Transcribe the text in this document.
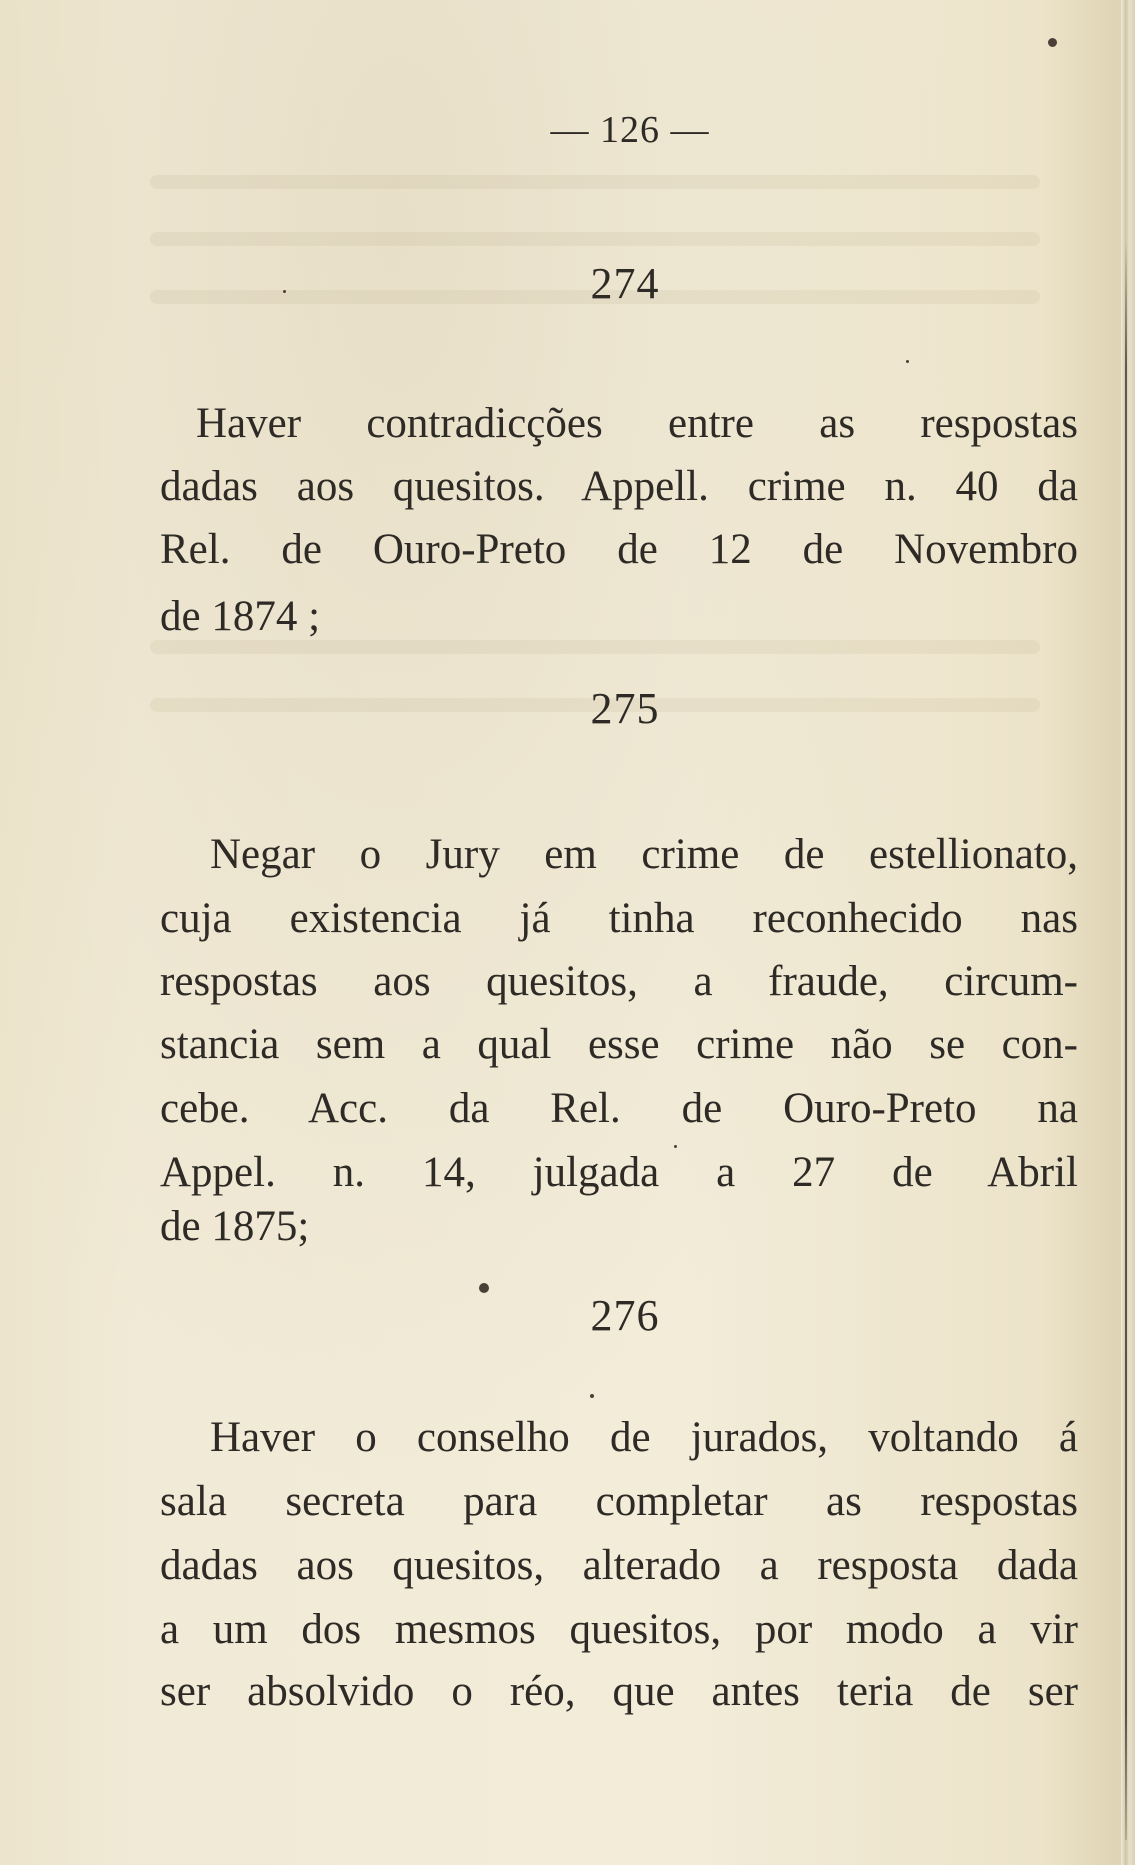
— 126 —
274
Haver contradicções entre as respostas
dadas aos quesitos. Appell. crime n. 40 da
Rel. de Ouro-Preto de 12 de Novembro
de 1874 ;
275
Negar o Jury em crime de estellionato,
cuja existencia já tinha reconhecido nas
respostas aos quesitos, a fraude, circum-
stancia sem a qual esse crime não se con-
cebe. Acc. da Rel. de Ouro-Preto na
Appel. n. 14, julgada a 27 de Abril
de 1875;
276
Haver o conselho de jurados, voltando á
sala secreta para completar as respostas
dadas aos quesitos, alterado a resposta dada
a um dos mesmos quesitos, por modo a vir
ser absolvido o réo, que antes teria de ser
